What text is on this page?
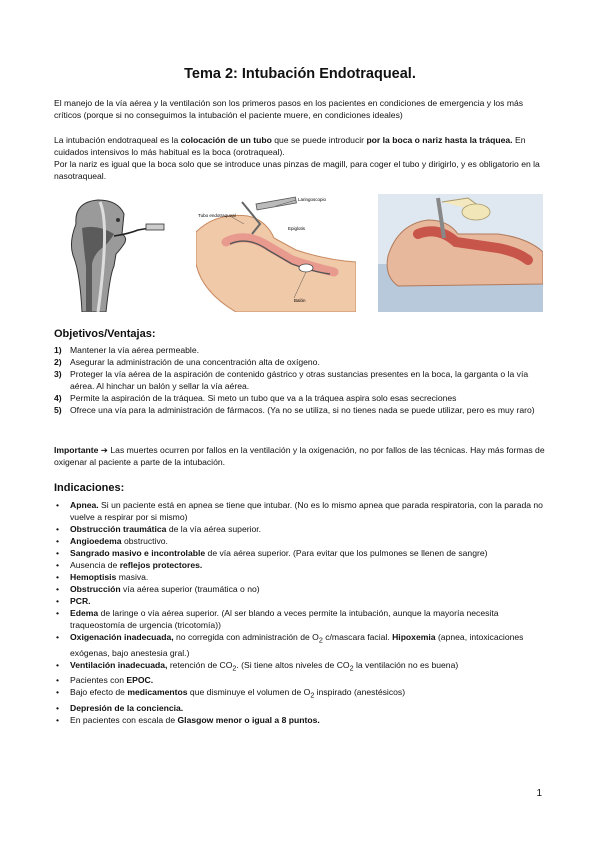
Tema 2: Intubación Endotraqueal.
El manejo de la vía aérea y la ventilación son los primeros pasos en los pacientes en condiciones de emergencia y los más críticos (porque si no conseguimos la intubación el paciente muere, en condiciones ideales)
La intubación endotraqueal es la colocación de un tubo que se puede introducir por la boca o nariz hasta la tráquea. En cuidados intensivos lo más habitual es la boca (orotraqueal).
Por la nariz es igual que la boca solo que se introduce unas pinzas de magill, para coger el tubo y dirigirlo, y es obligatorio en la nasotraqueal.
Laringoscopio
Tubo endotraqueal
Epiglotis
Balón
Objetivos/Ventajas:
1) Mantener la vía aérea permeable.
2) Asegurar la administración de una concentración alta de oxígeno.
3) Proteger la vía aérea de la aspiración de contenido gástrico y otras sustancias presentes en la boca, la garganta o la vía aérea. Al hinchar un balón y sellar la vía aérea.
4) Permite la aspiración de la tráquea. Si meto un tubo que va a la tráquea aspira solo esas secreciones
5) Ofrece una vía para la administración de fármacos. (Ya no se utiliza, si no tienes nada se puede utilizar, pero es muy raro)
Importante ➔ Las muertes ocurren por fallos en la ventilación y la oxigenación, no por fallos de las técnicas. Hay más formas de oxigenar al paciente a parte de la intubación.
Indicaciones:
• Apnea. Si un paciente está en apnea se tiene que intubar. (No es lo mismo apnea que parada respiratoria, con la parada no vuelve a respirar por si mismo)
• Obstrucción traumática de la vía aérea superior.
• Angioedema obstructivo.
• Sangrado masivo e incontrolable de vía aérea superior. (Para evitar que los pulmones se llenen de sangre)
• Ausencia de reflejos protectores.
• Hemoptisis masiva.
• Obstrucción vía aérea superior (traumática o no)
• PCR.
• Edema de laringe o vía aérea superior. (Al ser blando a veces permite la intubación, aunque la mayoría necesita traqueostomía de urgencia (tricotomía))
• Oxigenación inadecuada, no corregida con administración de $O_2$ c/mascara facial. Hipoxemia (apnea, intoxicaciones exógenas, bajo anestesia gral.)
• Ventilación inadecuada, retención de $CO_2$. (Si tiene altos niveles de $CO_2$ la ventilación no es buena)
• Pacientes con EPOC.
• Bajo efecto de medicamentos que disminuye el volumen de $O_2$ inspirado (anestésicos)
• Depresión de la conciencia.
• En pacientes con escala de Glasgow menor o igual a 8 puntos.
1
